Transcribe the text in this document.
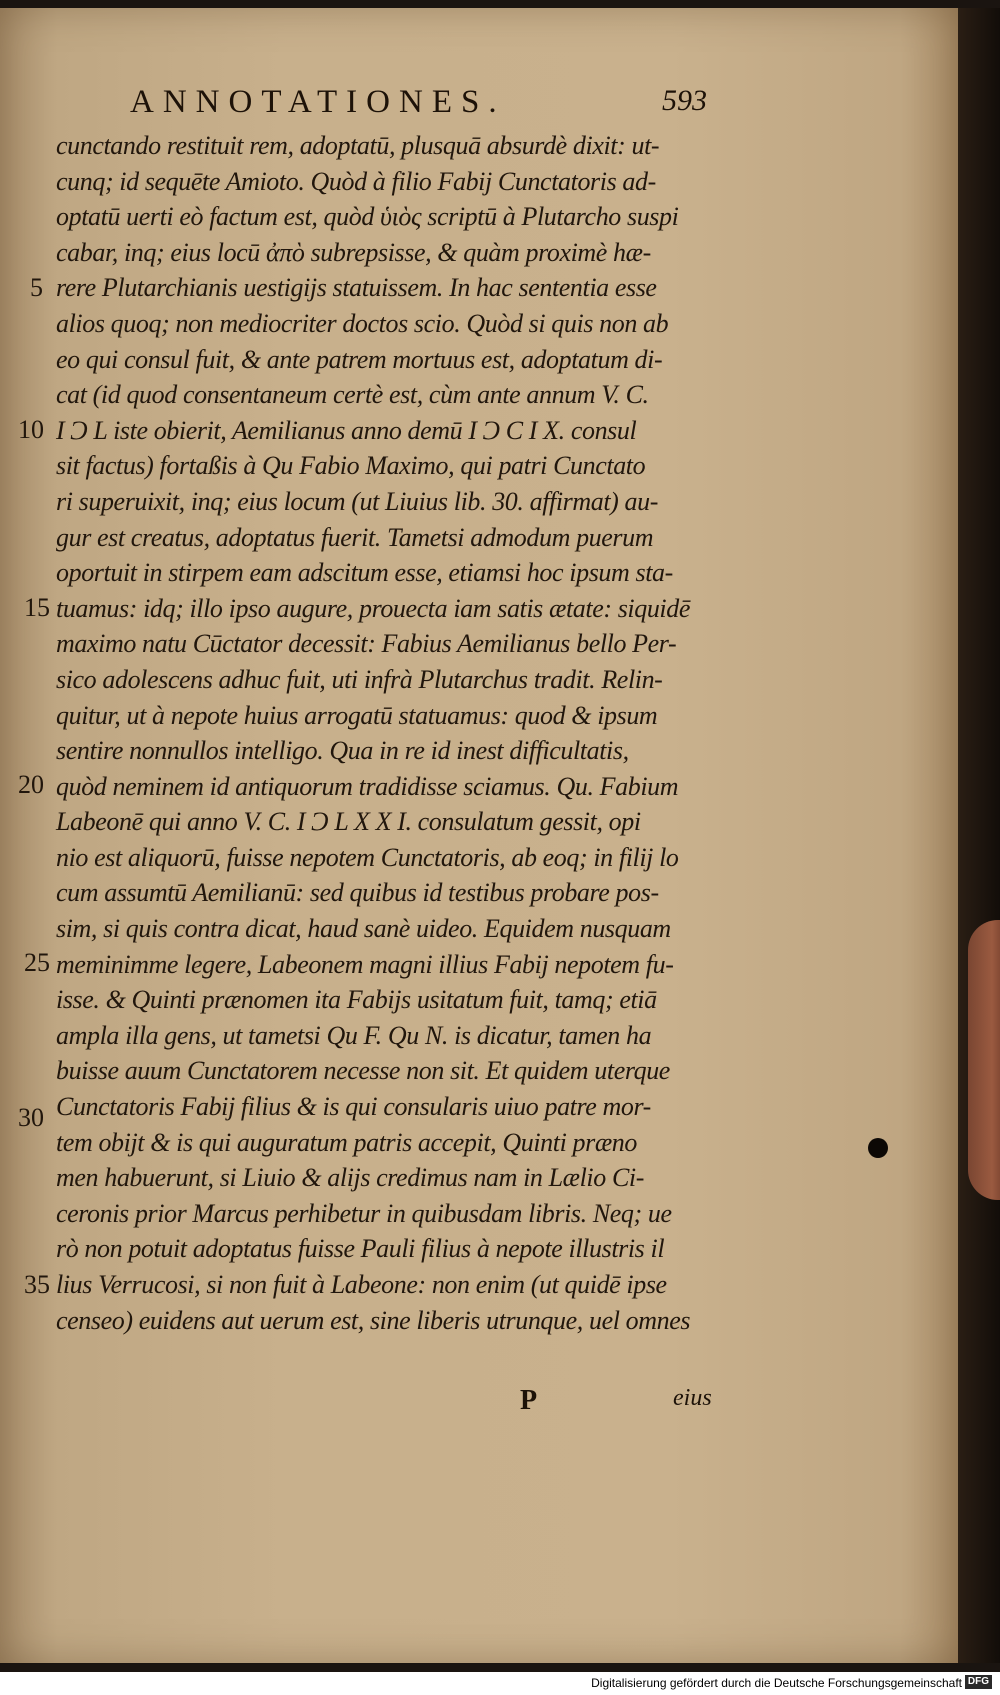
ANNOTATIONES.	593
5
10
15
20
25
30
35
cunctando restituit rem, adoptatū, plusquā absurdè dixit: ut-
cunq; id sequēte Amioto. Quòd à filio Fabij Cunctatoris ad-
optatū uerti eò factum est, quòd ὑιὸς scriptū à Plutarcho suspi
cabar, inq; eius locū ἀπὸ subrepsisse, & quàm proximè hæ-
rere Plutarchianis uestigijs statuissem. In hac sententia esse
alios quoq; non mediocriter doctos scio. Quòd si quis non ab
eo qui consul fuit, & ante patrem mortuus est, adoptatum di-
cat (id quod consentaneum certè est, cùm ante annum V. C.
I Ͻ L iste obierit, Aemilianus anno demū I Ͻ C I X. consul
sit factus) fortaßis à Qu Fabio Maximo, qui patri Cunctato
ri superuixit, inq; eius locum (ut Liuius lib. 30. affirmat) au-
gur est creatus, adoptatus fuerit. Tametsi admodum puerum
oportuit in stirpem eam adscitum esse, etiamsi hoc ipsum sta-
tuamus: idq; illo ipso augure, prouecta iam satis ætate: siquidē
maximo natu Cūctator decessit: Fabius Aemilianus bello Per-
sico adolescens adhuc fuit, uti infrà Plutarchus tradit. Relin-
quitur, ut à nepote huius arrogatū statuamus: quod & ipsum
sentire nonnullos intelligo. Qua in re id inest difficultatis,
quòd neminem id antiquorum tradidisse sciamus. Qu. Fabium
Labeonē qui anno V. C. I Ͻ L X X I. consulatum gessit, opi
nio est aliquorū, fuisse nepotem Cunctatoris, ab eoq; in filij lo
cum assumtū Aemilianū: sed quibus id testibus probare pos-
sim, si quis contra dicat, haud sanè uideo. Equidem nusquam
meminimme legere, Labeonem magni illius Fabij nepotem fu-
isse. & Quinti prænomen ita Fabijs usitatum fuit, tamq; etiā
ampla illa gens, ut tametsi Qu F. Qu N. is dicatur, tamen ha
buisse auum Cunctatorem necesse non sit. Et quidem uterque
Cunctatoris Fabij filius & is qui consularis uiuo patre mor-
tem obijt & is qui auguratum patris accepit, Quinti præno
men habuerunt, si Liuio & alijs credimus nam in Lælio Ci-
ceronis prior Marcus perhibetur in quibusdam libris. Neq; ue
rò non potuit adoptatus fuisse Pauli filius à nepote illustris il
lius Verrucosi, si non fuit à Labeone: non enim (ut quidē ipse
censeo) euidens aut uerum est, sine liberis utrunque, uel omnes
P	eius
Digitalisierung gefördert durch die Deutsche Forschungsgemeinschaft DFG
